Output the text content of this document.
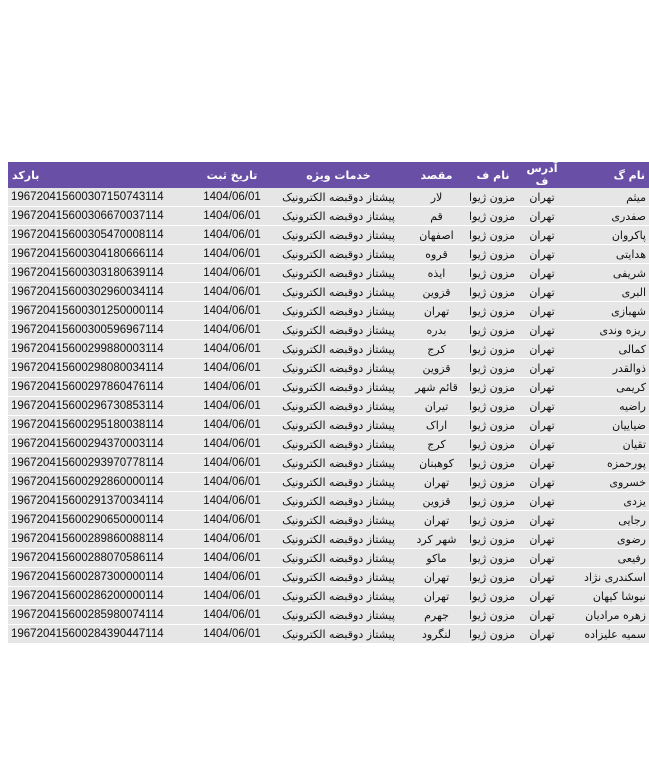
نام گ	آدرس ف	نام ف	مقصد	خدمات ویژه	تاریخ ثبت	بارکد
میثم	تهران	مزون ژیوا	لار	پیشتاز دوقبضه الکترونیک	1404/06/01	196720415600307150743114
صفدری	تهران	مزون ژیوا	قم	پیشتاز دوقبضه الکترونیک	1404/06/01	196720415600306670037114
پاکروان	تهران	مزون ژیوا	اصفهان	پیشتاز دوقبضه الکترونیک	1404/06/01	196720415600305470008114
هدایتی	تهران	مزون ژیوا	قروه	پیشتاز دوقبضه الکترونیک	1404/06/01	196720415600304180666114
شریفی	تهران	مزون ژیوا	ایذه	پیشتاز دوقبضه الکترونیک	1404/06/01	196720415600303180639114
البری	تهران	مزون ژیوا	قزوین	پیشتاز دوقبضه الکترونیک	1404/06/01	196720415600302960034114
شهبازی	تهران	مزون ژیوا	تهران	پیشتاز دوقبضه الکترونیک	1404/06/01	196720415600301250000114
ریزه وندی	تهران	مزون ژیوا	بدره	پیشتاز دوقبضه الکترونیک	1404/06/01	196720415600300596967114
کمالی	تهران	مزون ژیوا	کرج	پیشتاز دوقبضه الکترونیک	1404/06/01	196720415600299880003114
ذوالقدر	تهران	مزون ژیوا	قزوین	پیشتاز دوقبضه الکترونیک	1404/06/01	196720415600298080034114
کریمی	تهران	مزون ژیوا	قائم شهر	پیشتاز دوقبضه الکترونیک	1404/06/01	196720415600297860476114
راضیه	تهران	مزون ژیوا	تیران	پیشتاز دوقبضه الکترونیک	1404/06/01	196720415600296730853114
ضیاییان	تهران	مزون ژیوا	اراک	پیشتاز دوقبضه الکترونیک	1404/06/01	196720415600295180038114
تقیان	تهران	مزون ژیوا	کرج	پیشتاز دوقبضه الکترونیک	1404/06/01	196720415600294370003114
پورحمزه	تهران	مزون ژیوا	کوهبنان	پیشتاز دوقبضه الکترونیک	1404/06/01	196720415600293970778114
خسروی	تهران	مزون ژیوا	تهران	پیشتاز دوقبضه الکترونیک	1404/06/01	196720415600292860000114
یزدی	تهران	مزون ژیوا	قزوین	پیشتاز دوقبضه الکترونیک	1404/06/01	196720415600291370034114
رجایی	تهران	مزون ژیوا	تهران	پیشتاز دوقبضه الکترونیک	1404/06/01	196720415600290650000114
رضوی	تهران	مزون ژیوا	شهر کرد	پیشتاز دوقبضه الکترونیک	1404/06/01	196720415600289860088114
رفیعی	تهران	مزون ژیوا	ماکو	پیشتاز دوقبضه الکترونیک	1404/06/01	196720415600288070586114
اسکندری نژاد	تهران	مزون ژیوا	تهران	پیشتاز دوقبضه الکترونیک	1404/06/01	196720415600287300000114
نیوشا کیهان	تهران	مزون ژیوا	تهران	پیشتاز دوقبضه الکترونیک	1404/06/01	196720415600286200000114
زهره مرادیان	تهران	مزون ژیوا	جهرم	پیشتاز دوقبضه الکترونیک	1404/06/01	196720415600285980074114
سمیه علیزاده	تهران	مزون ژیوا	لنگرود	پیشتاز دوقبضه الکترونیک	1404/06/01	196720415600284390447114
